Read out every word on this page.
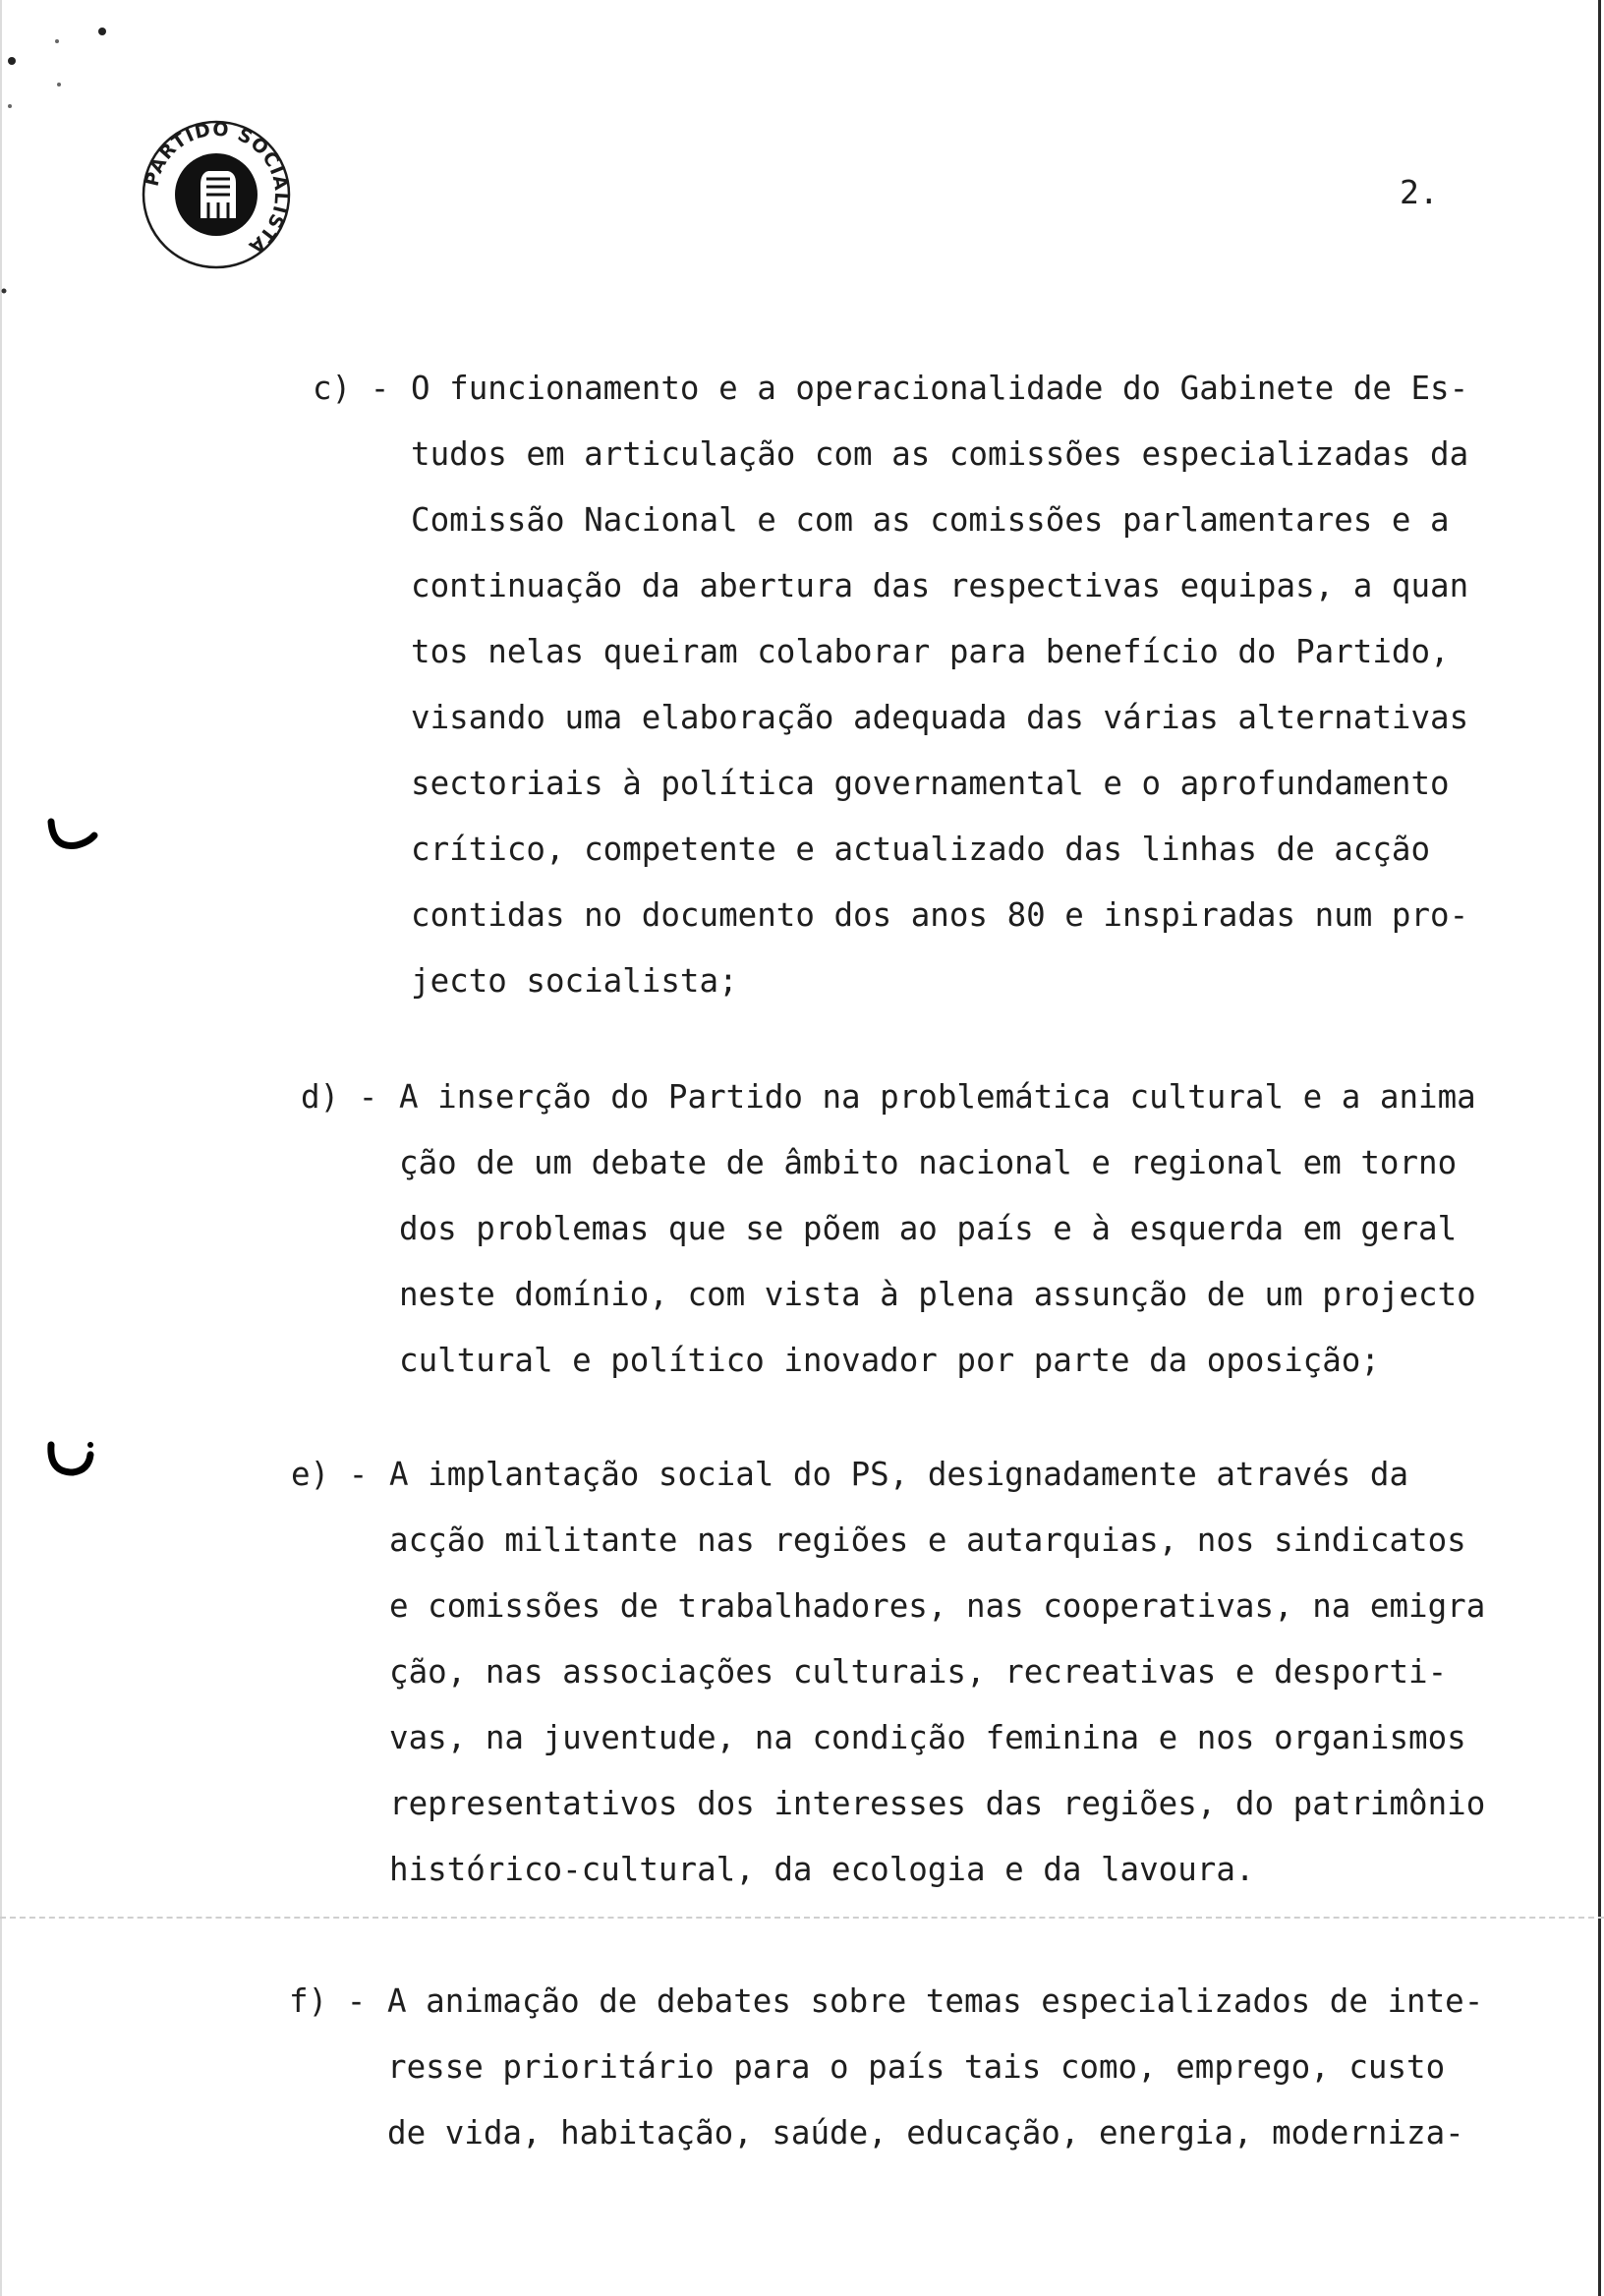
PARTIDO SOCIALISTA
2.
c) - O funcionamento e a operacionalidade do Gabinete de Es-
tudos em articulação com as comissões especializadas da
Comissão Nacional e com as comissões parlamentares e a
continuação da abertura das respectivas equipas, a quan
tos nelas queiram colaborar para benefício do Partido,
visando uma elaboração adequada das várias alternativas
sectoriais à política governamental e o aprofundamento
crítico, competente e actualizado das linhas de acção
contidas no documento dos anos 80 e inspiradas num pro-
jecto socialista;
d) - A inserção do Partido na problemática cultural e a anima
ção de um debate de âmbito nacional e regional em torno
dos problemas que se põem ao país e à esquerda em geral
neste domínio, com vista à plena assunção de um projecto
cultural e político inovador por parte da oposição;
e) - A implantação social do PS, designadamente através da
acção militante nas regiões e autarquias, nos sindicatos
e comissões de trabalhadores, nas cooperativas, na emigra
ção, nas associações culturais, recreativas e desporti-
vas, na juventude, na condição feminina e nos organismos
representativos dos interesses das regiões, do patrimônio
histórico-cultural, da ecologia e da lavoura.
f) - A animação de debates sobre temas especializados de inte-
resse prioritário para o país tais como, emprego, custo
de vida, habitação, saúde, educação, energia, moderniza-
